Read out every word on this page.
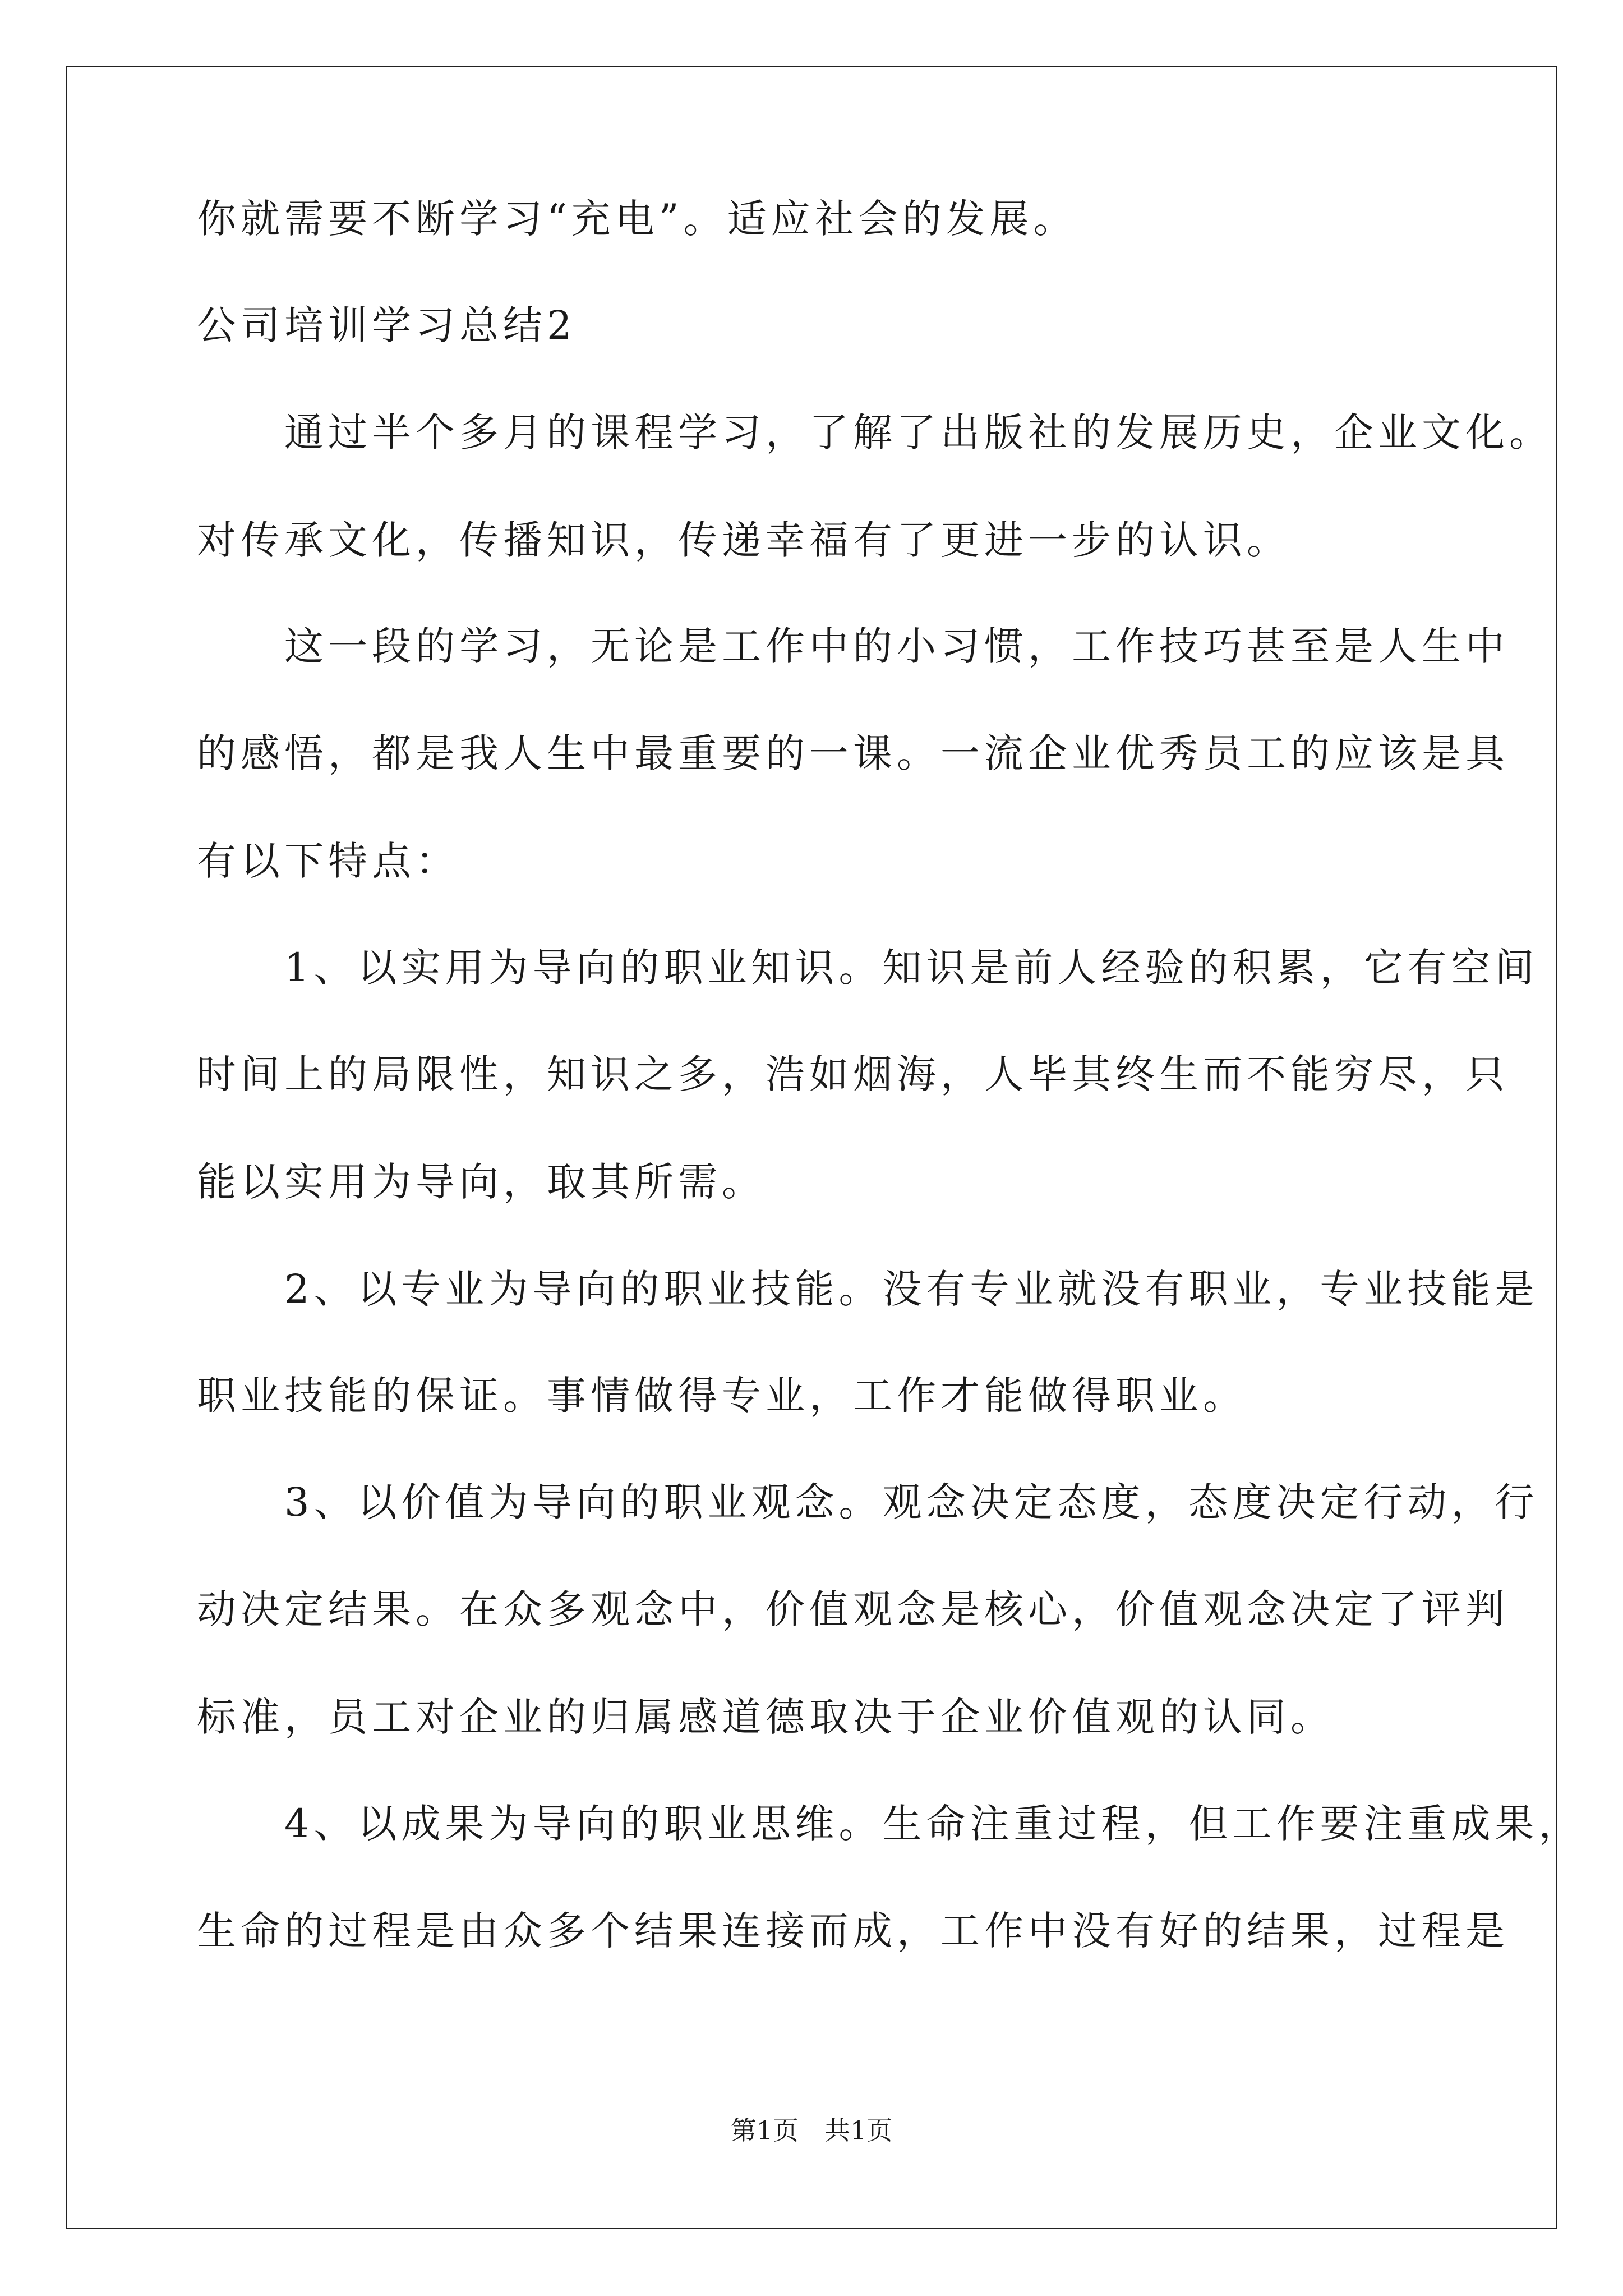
你就需要不断学习“充电”。适应社会的发展。
公司培训学习总结2
　　通过半个多月的课程学习，了解了出版社的发展历史，企业文化。
对传承文化，传播知识，传递幸福有了更进一步的认识。
　　这一段的学习，无论是工作中的小习惯，工作技巧甚至是人生中
的感悟，都是我人生中最重要的一课。一流企业优秀员工的应该是具
有以下特点：
　　1、以实用为导向的职业知识。知识是前人经验的积累，它有空间
时间上的局限性，知识之多，浩如烟海，人毕其终生而不能穷尽，只
能以实用为导向，取其所需。
　　2、以专业为导向的职业技能。没有专业就没有职业，专业技能是
职业技能的保证。事情做得专业，工作才能做得职业。
　　3、以价值为导向的职业观念。观念决定态度，态度决定行动，行
动决定结果。在众多观念中，价值观念是核心，价值观念决定了评判
标准，员工对企业的归属感道德取决于企业价值观的认同。
　　4、以成果为导向的职业思维。生命注重过程，但工作要注重成果，
生命的过程是由众多个结果连接而成，工作中没有好的结果，过程是
第1页　共1页
